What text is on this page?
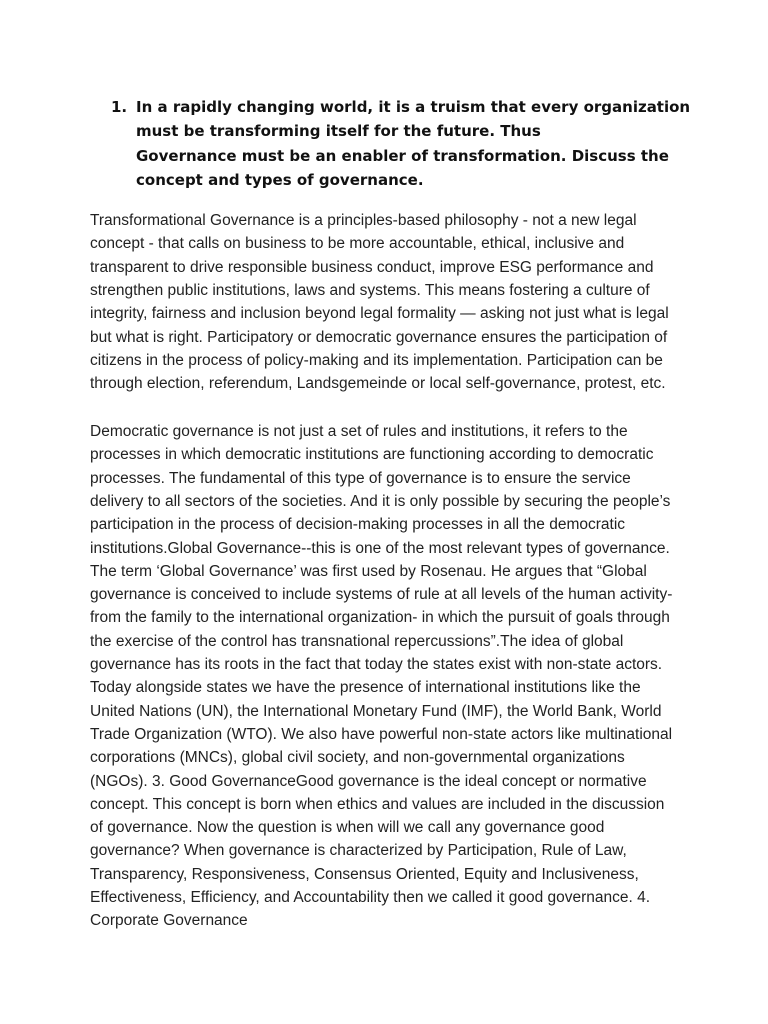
1. In a rapidly changing world, it is a truism that every organization
must be transforming itself for the future. Thus
Governance must be an enabler of transformation. Discuss the
concept and types of governance.
Transformational Governance is a principles-based philosophy - not a new legal
concept - that calls on business to be more accountable, ethical, inclusive and
transparent to drive responsible business conduct, improve ESG performance and
strengthen public institutions, laws and systems. This means fostering a culture of
integrity, fairness and inclusion beyond legal formality — asking not just what is legal
but what is right. Participatory or democratic governance ensures the participation of
citizens in the process of policy-making and its implementation. Participation can be
through election, referendum, Landsgemeinde or local self-governance, protest, etc.
Democratic governance is not just a set of rules and institutions, it refers to the
processes in which democratic institutions are functioning according to democratic
processes. The fundamental of this type of governance is to ensure the service
delivery to all sectors of the societies. And it is only possible by securing the people’s
participation in the process of decision-making processes in all the democratic
institutions.Global Governance--this is one of the most relevant types of governance.
The term ‘Global Governance’ was first used by Rosenau. He argues that “Global
governance is conceived to include systems of rule at all levels of the human activity-
from the family to the international organization- in which the pursuit of goals through
the exercise of the control has transnational repercussions”.The idea of global
governance has its roots in the fact that today the states exist with non-state actors.
Today alongside states we have the presence of international institutions like the
United Nations (UN), the International Monetary Fund (IMF), the World Bank, World
Trade Organization (WTO). We also have powerful non-state actors like multinational
corporations (MNCs), global civil society, and non-governmental organizations
(NGOs). 3. Good GovernanceGood governance is the ideal concept or normative
concept. This concept is born when ethics and values are included in the discussion
of governance. Now the question is when will we call any governance good
governance? When governance is characterized by Participation, Rule of Law,
Transparency, Responsiveness, Consensus Oriented, Equity and Inclusiveness,
Effectiveness, Efficiency, and Accountability then we called it good governance. 4.
Corporate Governance
